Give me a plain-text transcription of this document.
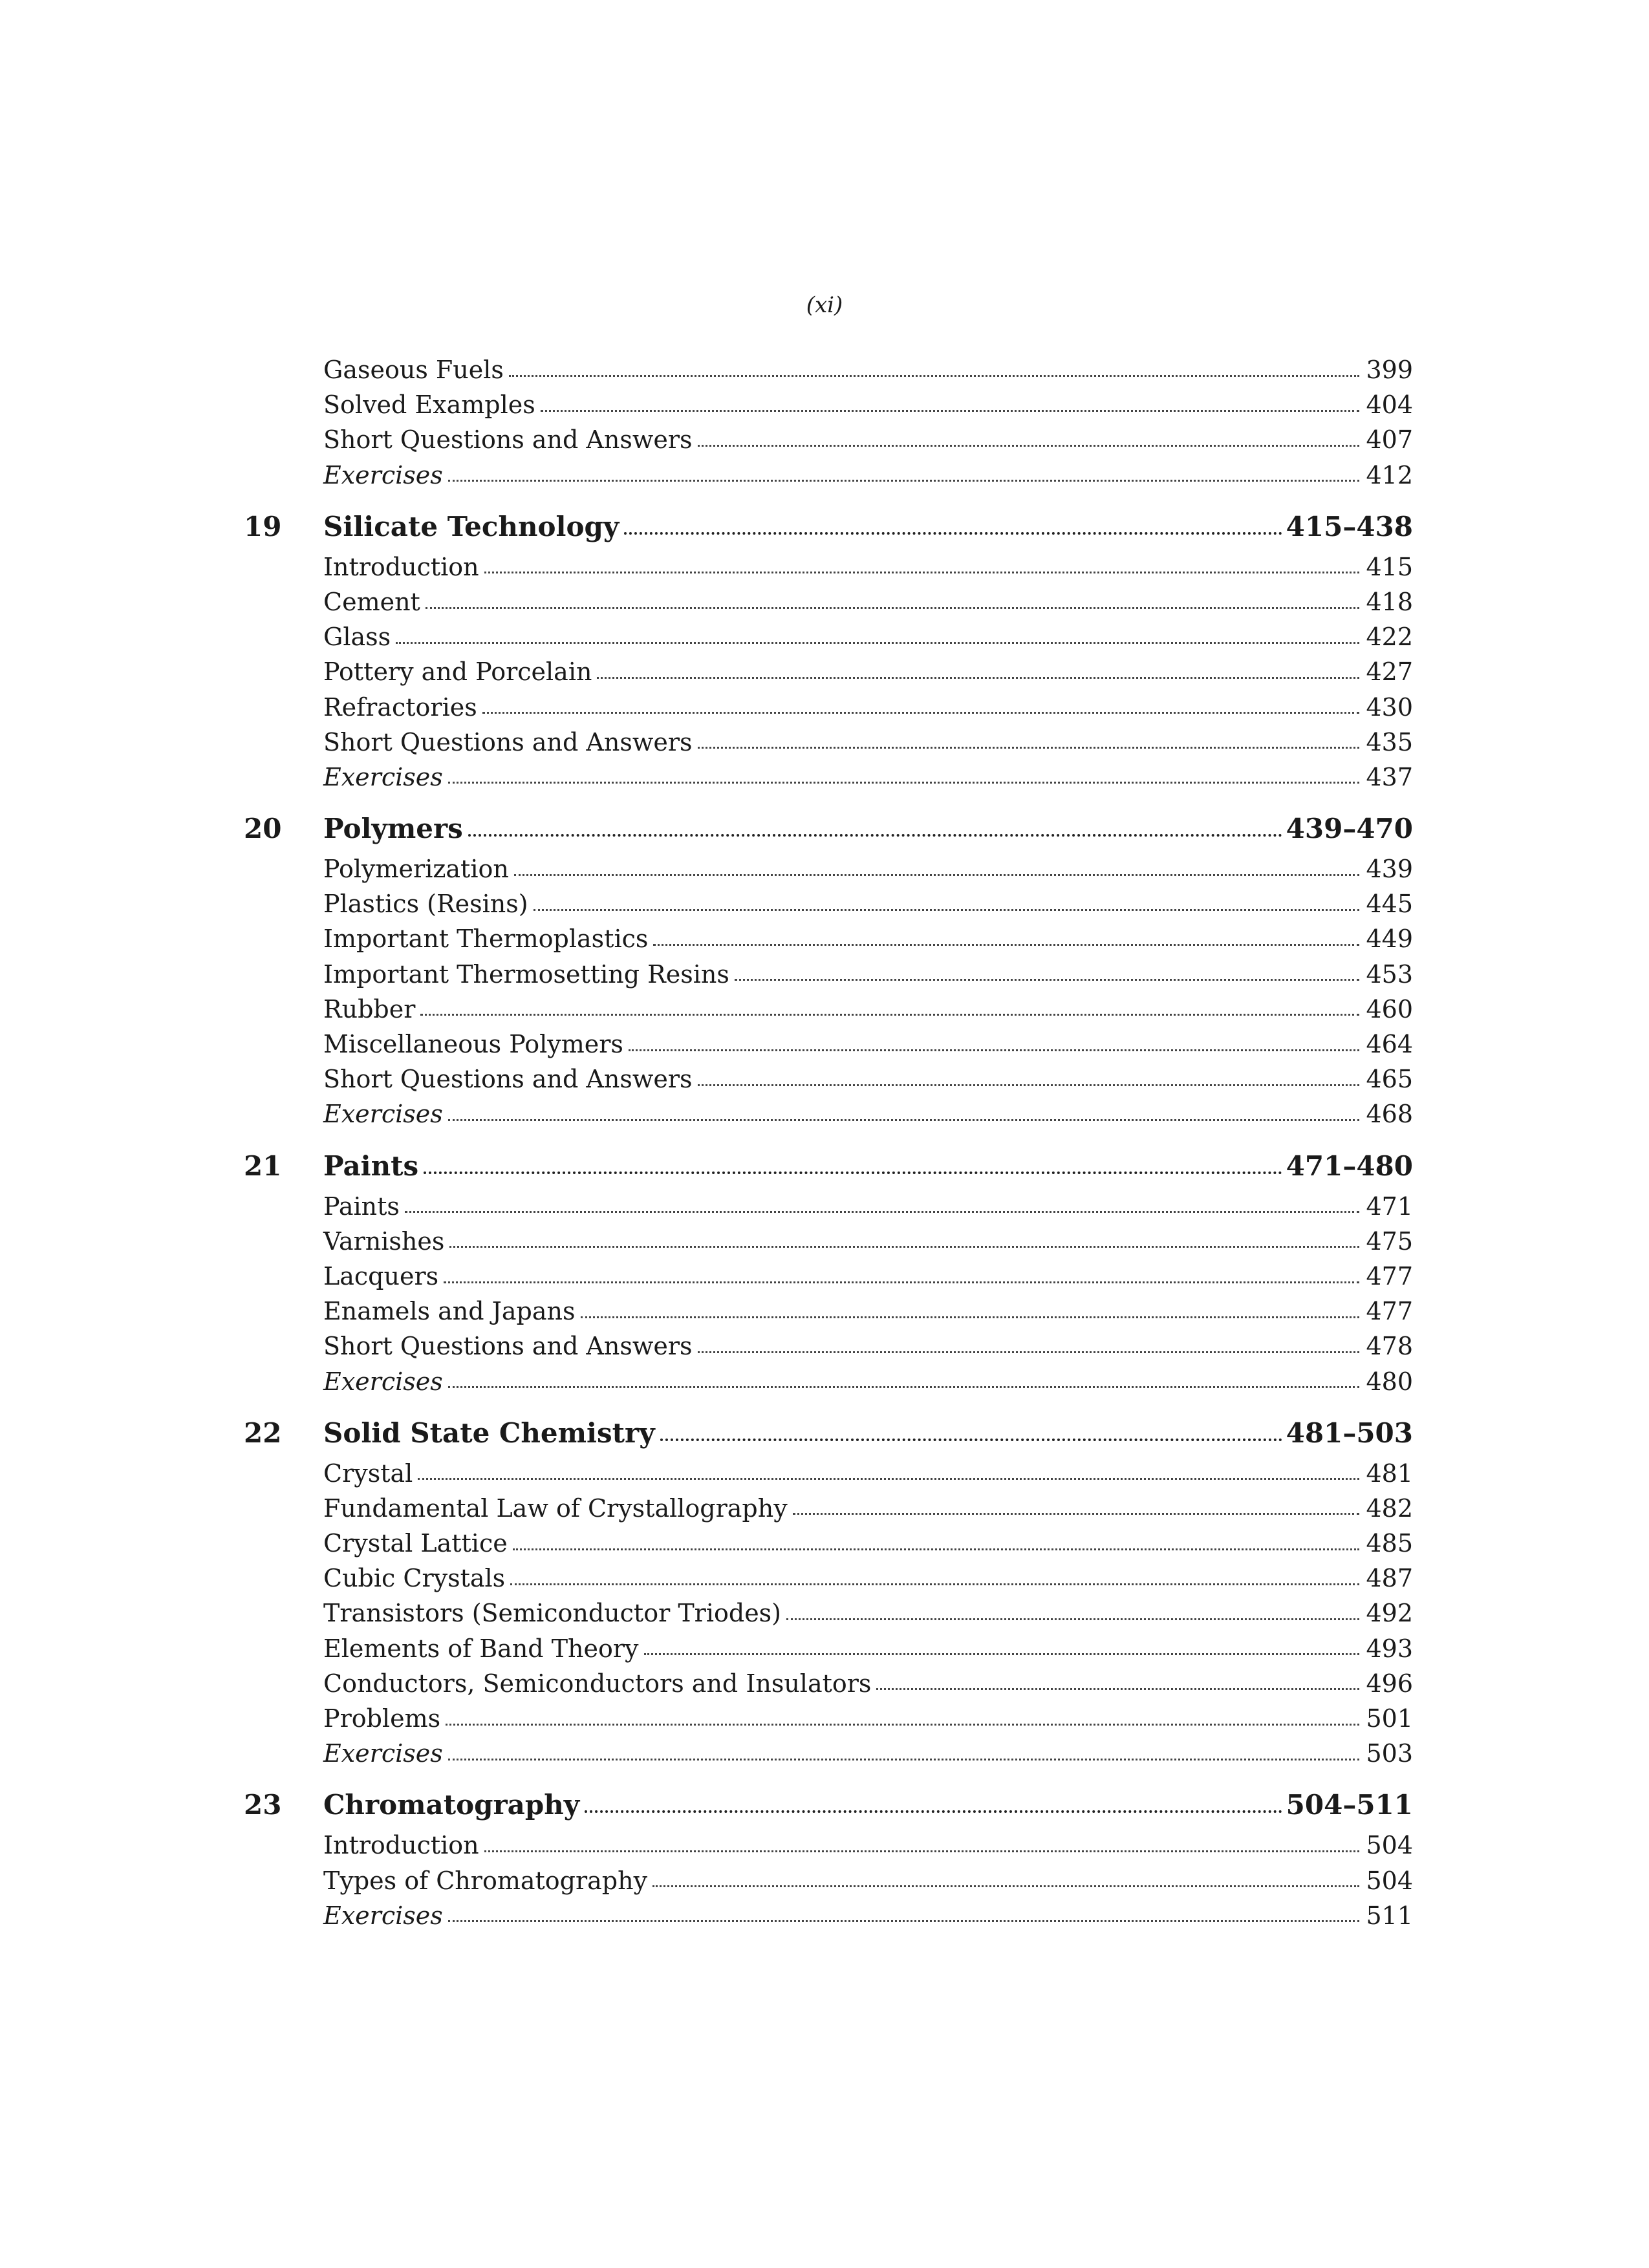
(xi)
Gaseous Fuels	399
Solved Examples	404
Short Questions and Answers	407
Exercises	412
19 Silicate Technology	415–438
Introduction	415
Cement	418
Glass	422
Pottery and Porcelain	427
Refractories	430
Short Questions and Answers	435
Exercises	437
20 Polymers	439–470
Polymerization	439
Plastics (Resins)	445
Important Thermoplastics	449
Important Thermosetting Resins	453
Rubber	460
Miscellaneous Polymers	464
Short Questions and Answers	465
Exercises	468
21 Paints	471–480
Paints	471
Varnishes	475
Lacquers	477
Enamels and Japans	477
Short Questions and Answers	478
Exercises	480
22 Solid State Chemistry	481–503
Crystal	481
Fundamental Law of Crystallography	482
Crystal Lattice	485
Cubic Crystals	487
Transistors (Semiconductor Triodes)	492
Elements of Band Theory	493
Conductors, Semiconductors and Insulators	496
Problems	501
Exercises	503
23 Chromatography	504–511
Introduction	504
Types of Chromatography	504
Exercises	511
